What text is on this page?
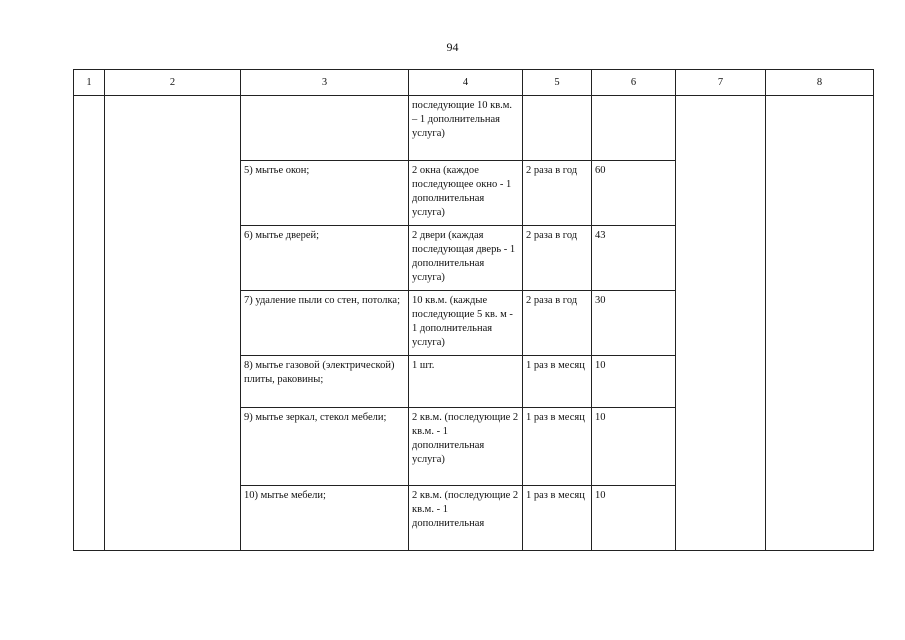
94
1	2	3	4	5	6	7	8
			последующие 10 кв.м. – 1 дополнительная услуга)				
		5) мытье окон;	2 окна (каждое последующее окно - 1 дополнительная услуга)	2 раза в год	60		
		6) мытье дверей;	2 двери (каждая последующая дверь - 1 дополнительная услуга)	2 раза в год	43		
		7) удаление пыли со стен, потолка;	10 кв.м. (каждые последующие 5 кв. м - 1 дополнительная услуга)	2 раза в год	30		
		8) мытье газовой (электрической) плиты, раковины;	1 шт.	1 раз в месяц	10		
		9) мытье зеркал, стекол мебели;	2 кв.м. (последующие 2 кв.м. - 1 дополнительная услуга)	1 раз в месяц	10		
		10) мытье мебели;	2 кв.м. (последующие 2 кв.м. - 1 дополнительная	1 раз в месяц	10		
